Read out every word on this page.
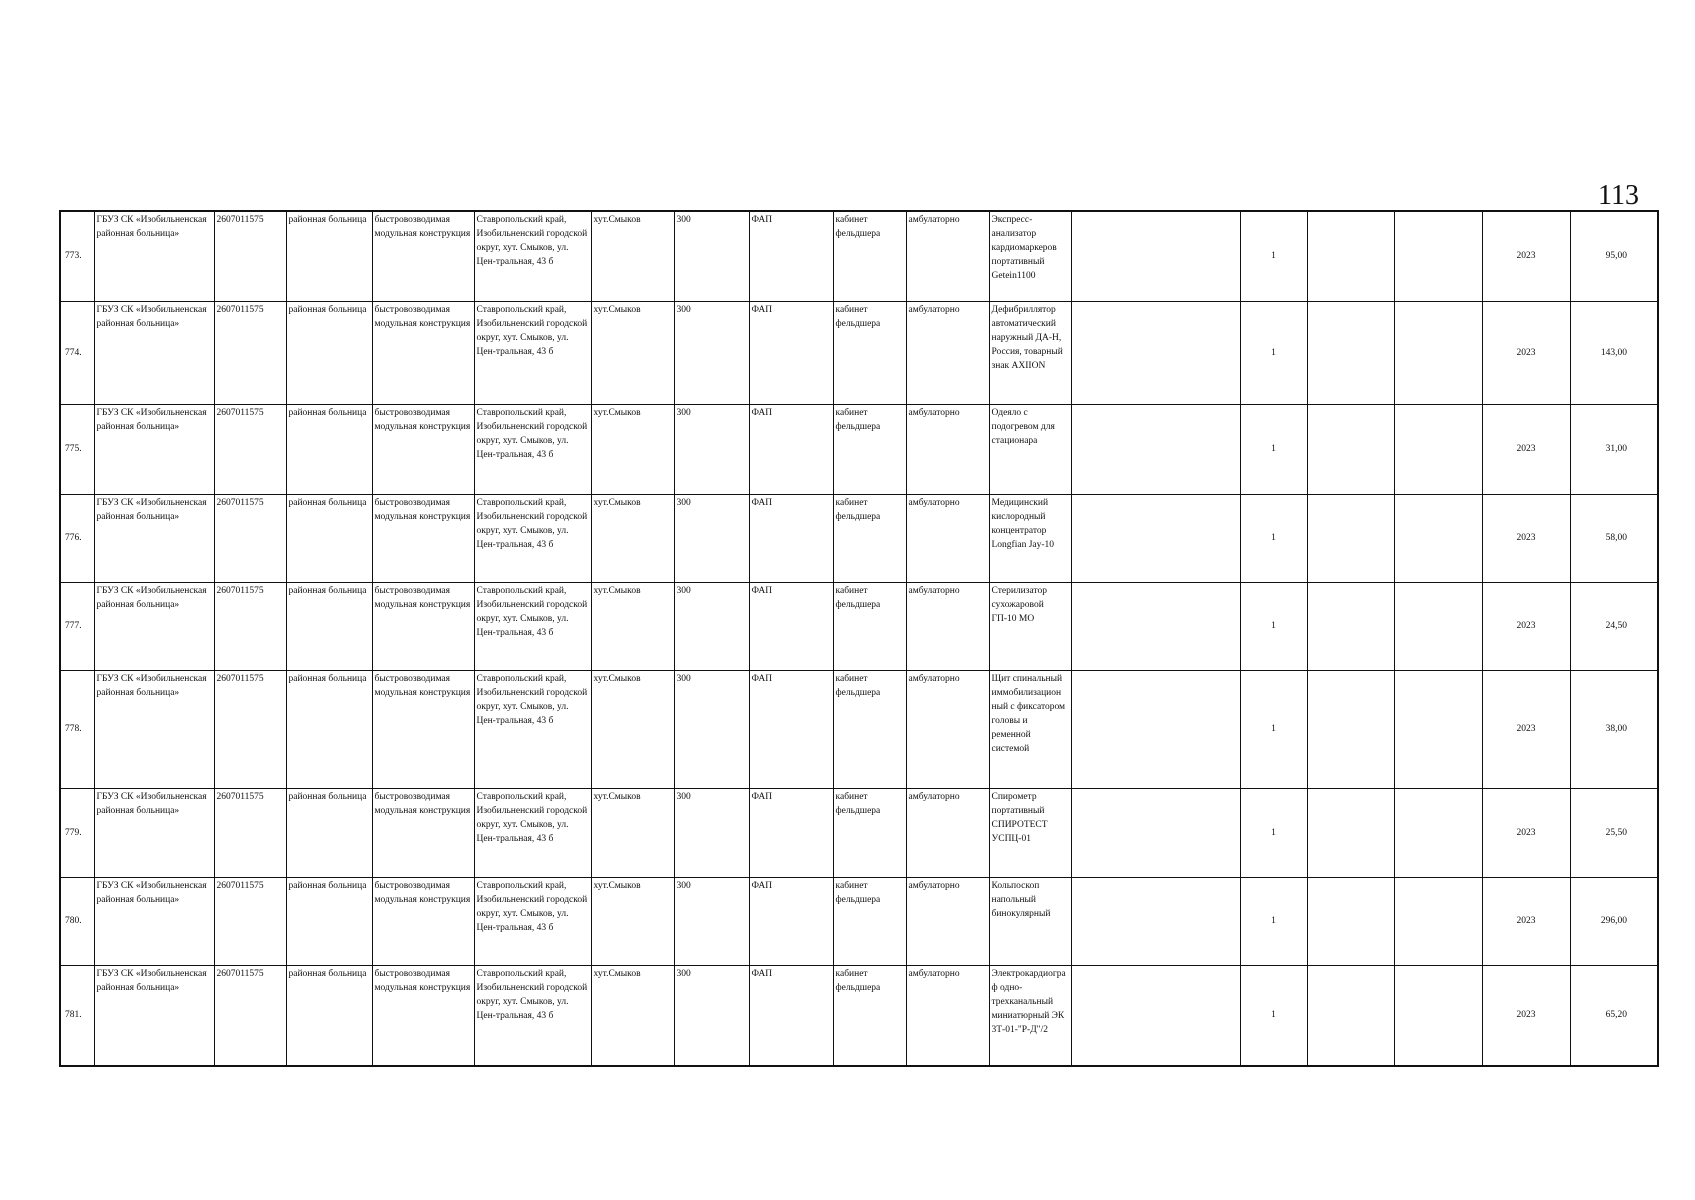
113
773.	ГБУЗ СК «Изобильненская районная больница»	2607011575	районная больница	быстровозводимая модульная конструкция	Ставропольский край, Изобильненский городской округ, хут. Смыков, ул. Цен-тральная, 43 б	хут.Смыков	300	ФАП	кабинет фельдшера	амбулаторно	Экспресс-анализатор кардиомаркеров портативный Getein1100		1			2023	95,00
774.	ГБУЗ СК «Изобильненская районная больница»	2607011575	районная больница	быстровозводимая модульная конструкция	Ставропольский край, Изобильненский городской округ, хут. Смыков, ул. Цен-тральная, 43 б	хут.Смыков	300	ФАП	кабинет фельдшера	амбулаторно	Дефибриллятор автоматический наружный ДА-Н, Россия, товарный знак AXIION		1			2023	143,00
775.	ГБУЗ СК «Изобильненская районная больница»	2607011575	районная больница	быстровозводимая модульная конструкция	Ставропольский край, Изобильненский городской округ, хут. Смыков, ул. Цен-тральная, 43 б	хут.Смыков	300	ФАП	кабинет фельдшера	амбулаторно	Одеяло с подогревом для стационара		1			2023	31,00
776.	ГБУЗ СК «Изобильненская районная больница»	2607011575	районная больница	быстровозводимая модульная конструкция	Ставропольский край, Изобильненский городской округ, хут. Смыков, ул. Цен-тральная, 43 б	хут.Смыков	300	ФАП	кабинет фельдшера	амбулаторно	Медицинский кислородный концентратор Longfian Jay-10		1			2023	58,00
777.	ГБУЗ СК «Изобильненская районная больница»	2607011575	районная больница	быстровозводимая модульная конструкция	Ставропольский край, Изобильненский городской округ, хут. Смыков, ул. Цен-тральная, 43 б	хут.Смыков	300	ФАП	кабинет фельдшера	амбулаторно	Стерилизатор сухожаровой ГП-10 МО		1			2023	24,50
778.	ГБУЗ СК «Изобильненская районная больница»	2607011575	районная больница	быстровозводимая модульная конструкция	Ставропольский край, Изобильненский городской округ, хут. Смыков, ул. Цен-тральная, 43 б	хут.Смыков	300	ФАП	кабинет фельдшера	амбулаторно	Щит спинальный иммобилизацион ный с фиксатором головы и ременной системой		1			2023	38,00
779.	ГБУЗ СК «Изобильненская районная больница»	2607011575	районная больница	быстровозводимая модульная конструкция	Ставропольский край, Изобильненский городской округ, хут. Смыков, ул. Цен-тральная, 43 б	хут.Смыков	300	ФАП	кабинет фельдшера	амбулаторно	Спирометр портативный СПИРОТЕСТ УСПЦ-01		1			2023	25,50
780.	ГБУЗ СК «Изобильненская районная больница»	2607011575	районная больница	быстровозводимая модульная конструкция	Ставропольский край, Изобильненский городской округ, хут. Смыков, ул. Цен-тральная, 43 б	хут.Смыков	300	ФАП	кабинет фельдшера	амбулаторно	Кольпоскоп напольный бинокулярный		1			2023	296,00
781.	ГБУЗ СК «Изобильненская районная больница»	2607011575	районная больница	быстровозводимая модульная конструкция	Ставропольский край, Изобильненский городской округ, хут. Смыков, ул. Цен-тральная, 43 б	хут.Смыков	300	ФАП	кабинет фельдшера	амбулаторно	Электрокардиограф одно-трехканальный миниатюрный ЭК 3Т-01-"Р-Д"/2		1			2023	65,20
